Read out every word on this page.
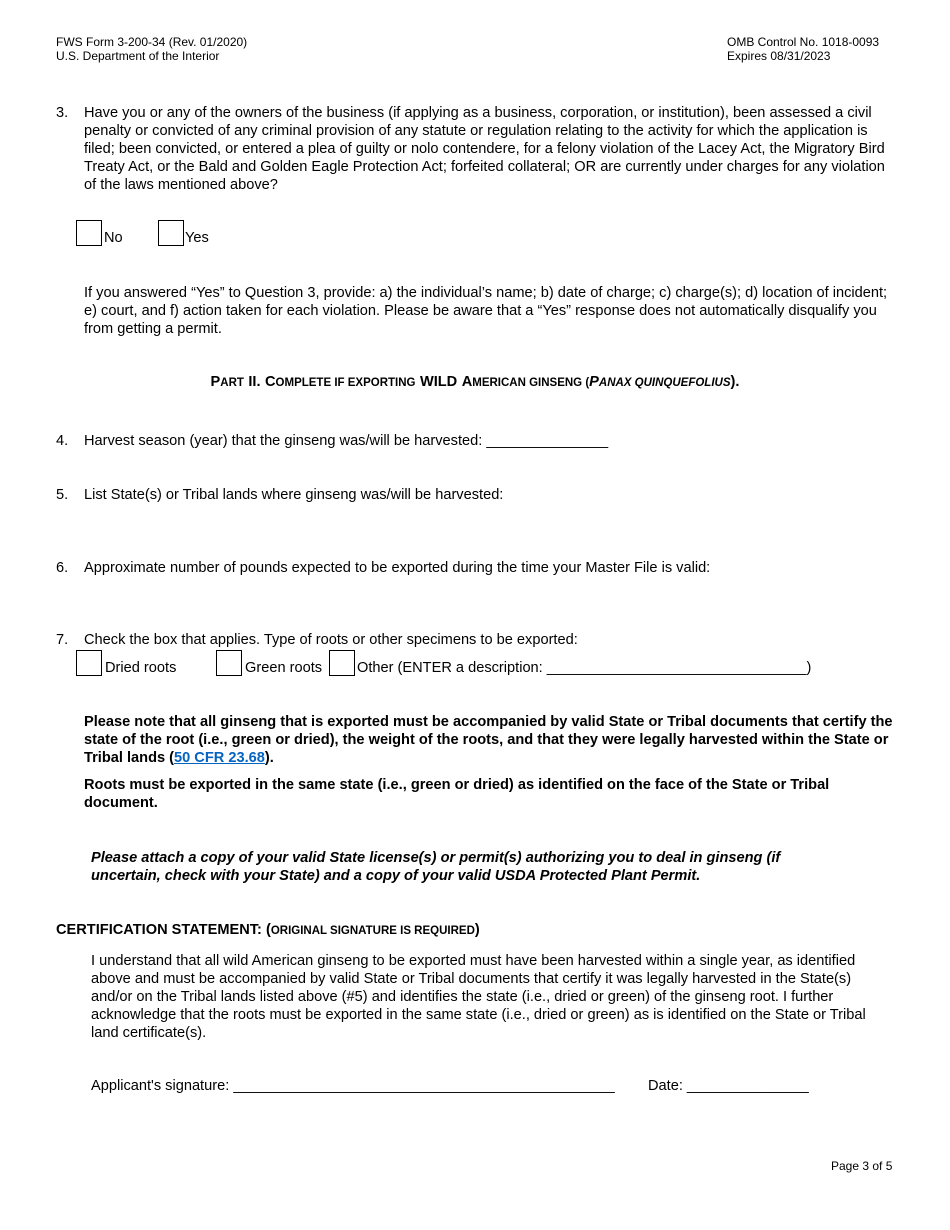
FWS Form 3-200-34 (Rev. 01/2020)
U.S. Department of the Interior
OMB Control No. 1018-0093
Expires 08/31/2023
3. Have you or any of the owners of the business (if applying as a business, corporation, or institution), been assessed a civil penalty or convicted of any criminal provision of any statute or regulation relating to the activity for which the application is filed; been convicted, or entered a plea of guilty or nolo contendere, for a felony violation of the Lacey Act, the Migratory Bird Treaty Act, or the Bald and Golden Eagle Protection Act; forfeited collateral; OR are currently under charges for any violation of the laws mentioned above?
No	Yes
If you answered “Yes” to Question 3, provide: a) the individual’s name; b) date of charge; c) charge(s); d) location of incident; e) court, and f) action taken for each violation. Please be aware that a “Yes” response does not automatically disqualify you from getting a permit.
PART II. COMPLETE IF EXPORTING WILD AMERICAN GINSENG (PANAX QUINQUEFOLIUS).
4. Harvest season (year) that the ginseng was/will be harvested: _______________
5. List State(s) or Tribal lands where ginseng was/will be harvested:
6. Approximate number of pounds expected to be exported during the time your Master File is valid:
7. Check the box that applies. Type of roots or other specimens to be exported:
Dried roots	Green roots Other (ENTER a description: ________________________________)
Please note that all ginseng that is exported must be accompanied by valid State or Tribal documents that certify the state of the root (i.e., green or dried), the weight of the roots, and that they were legally harvested within the State or Tribal lands (50 CFR 23.68).
Roots must be exported in the same state (i.e., green or dried) as identified on the face of the State or Tribal document.
Please attach a copy of your valid State license(s) or permit(s) authorizing you to deal in ginseng (if uncertain, check with your State) and a copy of your valid USDA Protected Plant Permit.
CERTIFICATION STATEMENT: (ORIGINAL SIGNATURE IS REQUIRED)
I understand that all wild American ginseng to be exported must have been harvested within a single year, as identified above and must be accompanied by valid State or Tribal documents that certify it was legally harvested in the State(s) and/or on the Tribal lands listed above (#5) and identifies the state (i.e., dried or green) of the ginseng root. I further acknowledge that the roots must be exported in the same state (i.e., dried or green) as is identified on the State or Tribal land certificate(s).
Applicant's signature: _______________________________________________ Date: _______________
Page 3 of 5
